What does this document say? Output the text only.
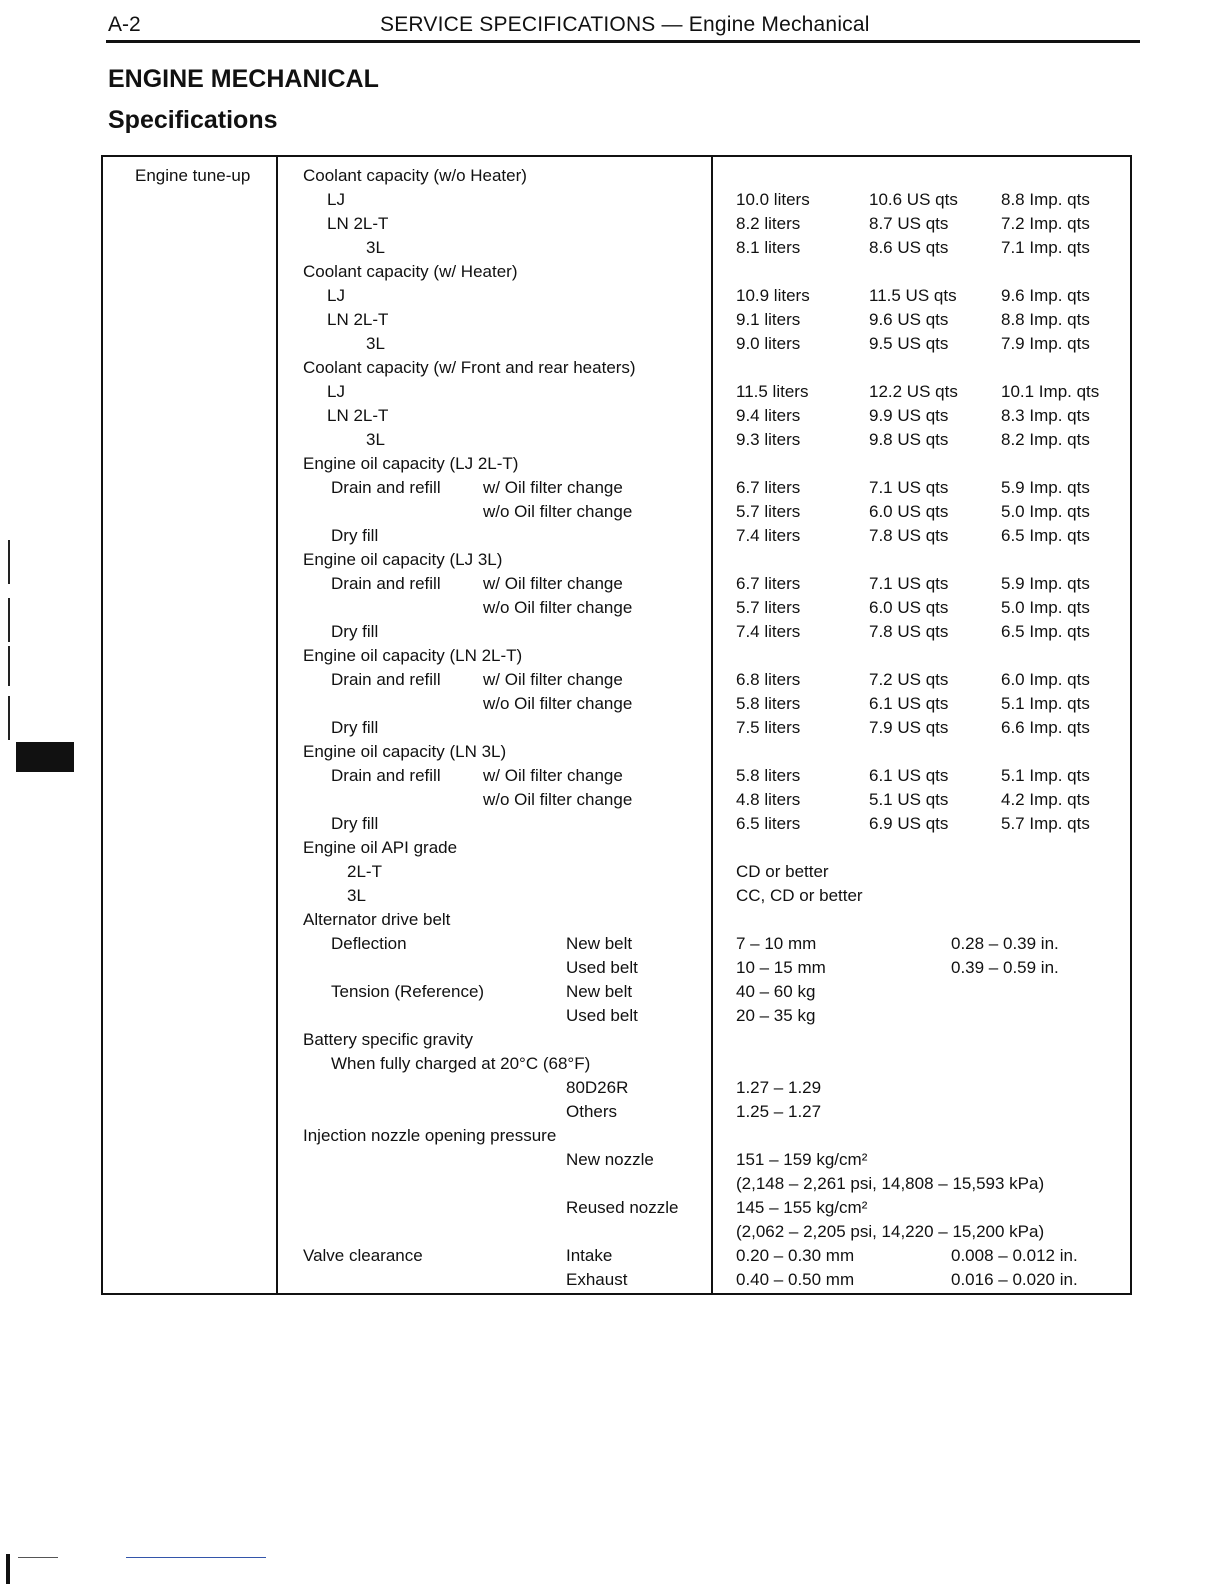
A-2	SERVICE SPECIFICATIONS — Engine Mechanical
ENGINE MECHANICAL
Specifications
Engine tune-up	Coolant capacity (w/o Heater)
LJ	10.0 liters	10.6 US qts	8.8 Imp. qts
LN 2L-T	8.2 liters	8.7 US qts	7.2 Imp. qts
3L	8.1 liters	8.6 US qts	7.1 Imp. qts
Coolant capacity (w/ Heater)
LJ	10.9 liters	11.5 US qts	9.6 Imp. qts
LN 2L-T	9.1 liters	9.6 US qts	8.8 Imp. qts
3L	9.0 liters	9.5 US qts	7.9 Imp. qts
Coolant capacity (w/ Front and rear heaters)
LJ	11.5 liters	12.2 US qts	10.1 Imp. qts
LN 2L-T	9.4 liters	9.9 US qts	8.3 Imp. qts
3L	9.3 liters	9.8 US qts	8.2 Imp. qts
Engine oil capacity (LJ 2L-T)
Drain and refill w/ Oil filter change	6.7 liters	7.1 US qts	5.9 Imp. qts
w/o Oil filter change	5.7 liters	6.0 US qts	5.0 Imp. qts
Dry fill	7.4 liters	7.8 US qts	6.5 Imp. qts
Engine oil capacity (LJ 3L)
Drain and refill w/ Oil filter change	6.7 liters	7.1 US qts	5.9 Imp. qts
w/o Oil filter change	5.7 liters	6.0 US qts	5.0 Imp. qts
Dry fill	7.4 liters	7.8 US qts	6.5 Imp. qts
Engine oil capacity (LN 2L-T)
Drain and refill w/ Oil filter change	6.8 liters	7.2 US qts	6.0 Imp. qts
w/o Oil filter change	5.8 liters	6.1 US qts	5.1 Imp. qts
Dry fill	7.5 liters	7.9 US qts	6.6 Imp. qts
Engine oil capacity (LN 3L)
Drain and refill w/ Oil filter change	5.8 liters	6.1 US qts	5.1 Imp. qts
w/o Oil filter change	4.8 liters	5.1 US qts	4.2 Imp. qts
Dry fill	6.5 liters	6.9 US qts	5.7 Imp. qts
Engine oil API grade
2L-T	CD or better
3L	CC, CD or better
Alternator drive belt
Deflection	New belt	7 – 10 mm	0.28 – 0.39 in.
Used belt	10 – 15 mm	0.39 – 0.59 in.
Tension (Reference)	New belt	40 – 60 kg
Used belt	20 – 35 kg
Battery specific gravity
When fully charged at 20°C (68°F)
80D26R	1.27 – 1.29
Others	1.25 – 1.27
Injection nozzle opening pressure
New nozzle	151 – 159 kg/cm²
(2,148 – 2,261 psi, 14,808 – 15,593 kPa)
Reused nozzle	145 – 155 kg/cm²
(2,062 – 2,205 psi, 14,220 – 15,200 kPa)
Valve clearance	Intake	0.20 – 0.30 mm	0.008 – 0.012 in.
Exhaust	0.40 – 0.50 mm	0.016 – 0.020 in.
